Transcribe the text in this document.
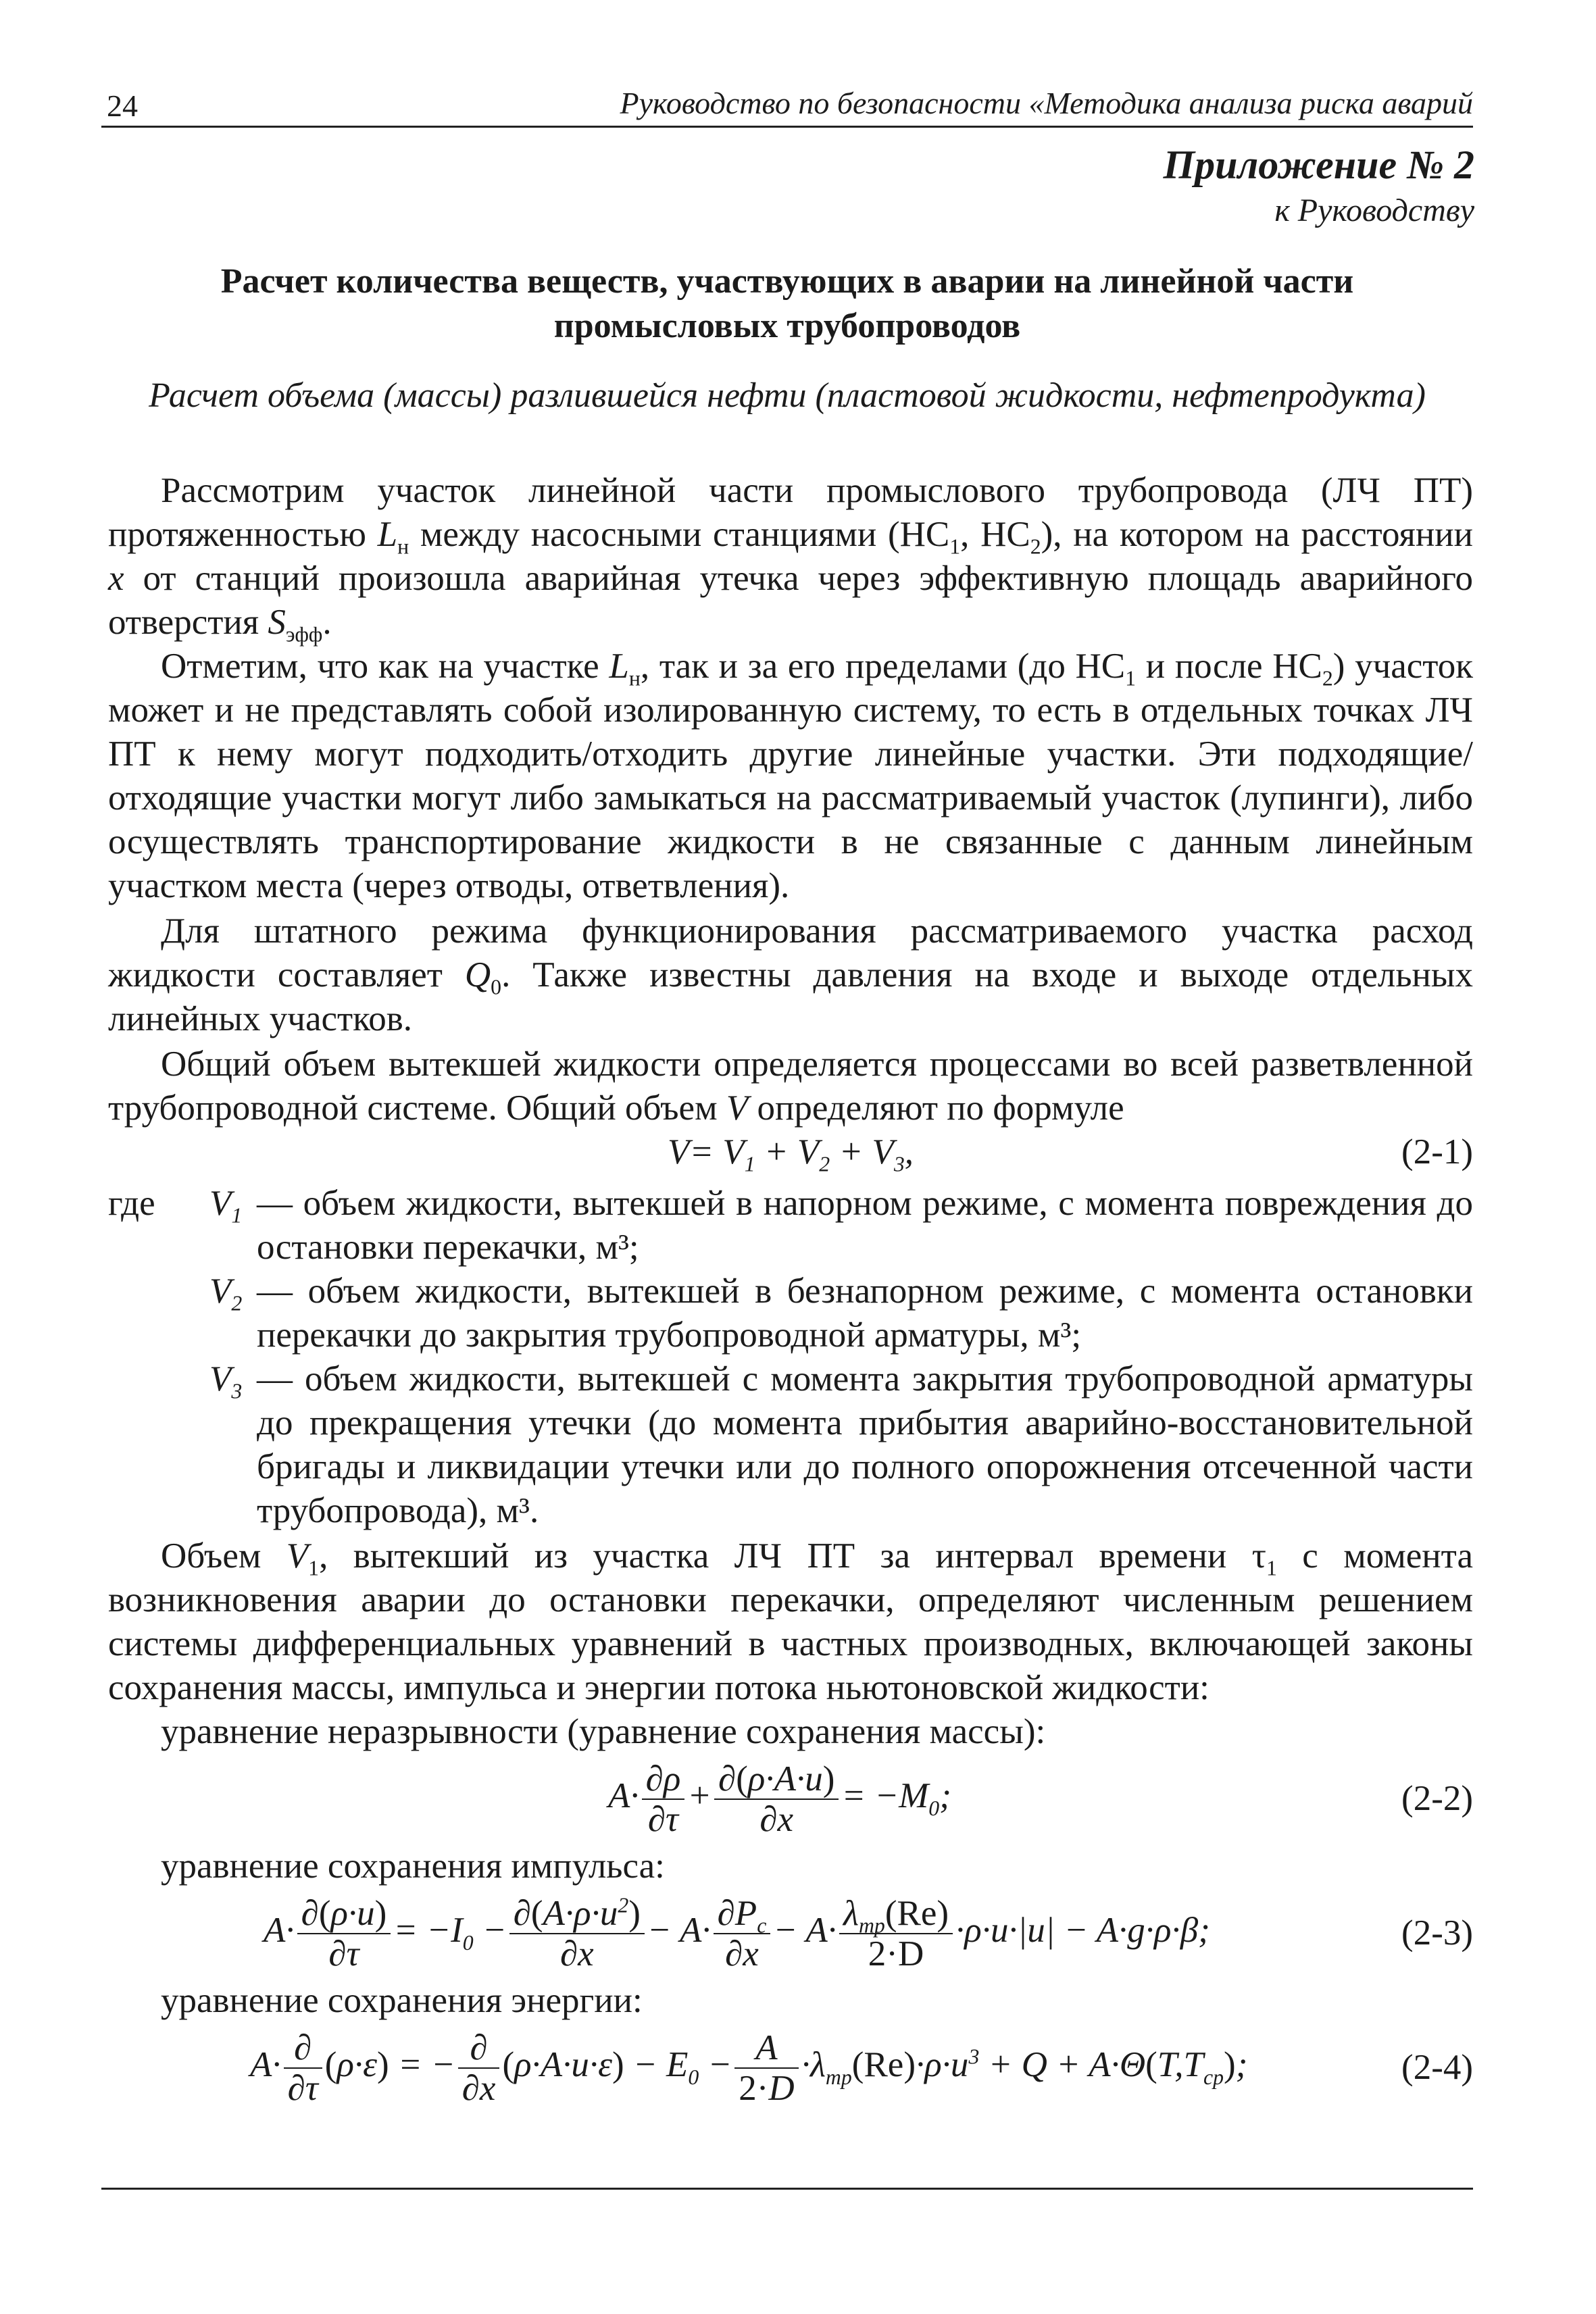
24	Руководство по безопасности «Методика анализа риска аварий
Приложение № 2
к Руководству
Расчет количества веществ, участвующих в аварии на линейной части
промысловых трубопроводов
Расчет объема (массы) разлившейся нефти (пластовой жидкости, нефтепродукта)

Рассмотрим участок линейной части промыслового трубопровода (ЛЧ ПТ) протяженностью $L_н$ между насосными станциями ($НС_1$, $НС_2$), на котором на расстоянии x от станций произошла аварийная утечка через эффективную площадь аварийного отверстия $S_{эфф}$.

Отметим, что как на участке $L_н$, так и за его пределами (до $НС_1$ и после $НС_2$) участок может и не представлять собой изолированную систему, то есть в отдельных точках ЛЧ ПТ к нему могут подходить/отходить другие линейные участки. Эти подходящие/отходящие участки могут либо замыкаться на рассматриваемый участок (лупинги), либо осуществлять транспортирование жидкости в не связанные с данным линейным участком места (через отводы, ответвления).

Для штатного режима функционирования рассматриваемого участка расход жидкости составляет $Q_0$. Также известны давления на входе и выходе отдельных линейных участков.

Общий объем вытекшей жидкости определяется процессами во всей разветвленной трубопроводной системе. Общий объем V определяют по формуле

$V= V_1 + V_2 + V_3$,	(2-1)
где	$V_1$ — объем жидкости, вытекшей в напорном режиме, с момента повреждения до остановки перекачки, м³;
$V_2$ — объем жидкости, вытекшей в безнапорном режиме, с момента остановки перекачки до закрытия трубопроводной арматуры, м³;
$V_3$ — объем жидкости, вытекшей с момента закрытия трубопроводной арматуры до прекращения утечки (до момента прибытия аварийно-восстановительной бригады и ликвидации утечки или до полного опорожнения отсеченной части трубопровода), м³.

Объем $V_1$, вытекший из участка ЛЧ ПТ за интервал времени $\tau_1$ с момента возникновения аварии до остановки перекачки, определяют численным решением системы дифференциальных уравнений в частных производных, включающей законы сохранения массы, импульса и энергии потока ньютоновской жидкости:

уравнение неразрывности (уравнение сохранения массы):

$A\cdot \frac{\partial\rho}{\partial\tau} + \frac{\partial(\rho\cdot A\cdot u)}{\partial x} = -M_0$;	(2-2)

уравнение сохранения импульса:

$A\cdot \frac{\partial(\rho\cdot u)}{\partial\tau} = -I_0 - \frac{\partial(A\cdot\rho\cdot u^2)}{\partial x} - A\cdot \frac{\partial P_c}{\partial x} - A\cdot \frac{\lambda_{тр}(Re)}{2\cdot D} \cdot\rho\cdot u\cdot|u| - A\cdot g\cdot\rho\cdot\beta$;	(2-3)

уравнение сохранения энергии:

$A\cdot \frac{\partial}{\partial\tau} (\rho\cdot\varepsilon)$ = − $\frac{\partial}{\partial x} (\rho\cdot A\cdot u\cdot\varepsilon) - E_0 - \frac{A}{2\cdot D} \cdot\lambda_{тр}(Re)\cdot\rho\cdot u^3 + Q + A\cdot\Theta(T,T_{ср})$;	(2-4)
